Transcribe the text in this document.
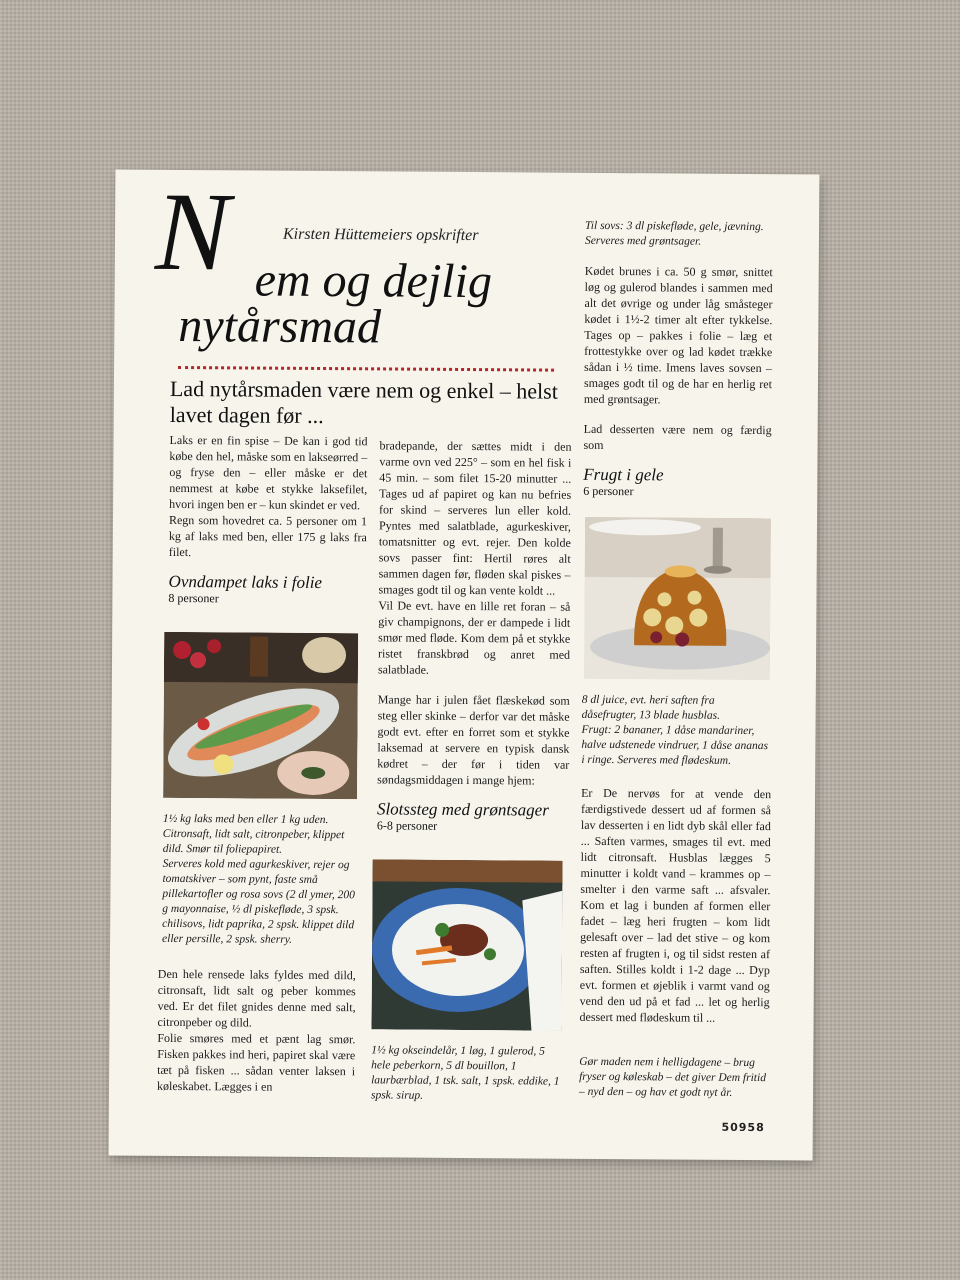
N	Kirsten Hüttemeiers opskrifter
em og dejlig
nytårsmad
Lad nytårsmaden være nem og enkel – helst lavet dagen før ...

Laks er en fin spise – De kan i god tid købe den hel, måske som en lakseørred – og fryse den – eller måske er det nemmest at købe et stykke laksefilet, hvori ingen ben er – kun skindet er ved.
Regn som hovedret ca. 5 personer om 1 kg af laks med ben, eller 175 g laks fra filet.

Ovndampet laks i folie
8 personer

1½ kg laks med ben eller 1 kg uden. Citronsaft, lidt salt, citronpeber, klippet dild. Smør til foliepapiret.
Serveres kold med agurkeskiver, rejer og tomatskiver – som pynt, faste små pillekartofler og rosa sovs (2 dl ymer, 200 g mayonnaise, ½ dl piskefløde, 3 spsk. chilisovs, lidt paprika, 2 spsk. klippet dild eller persille, 2 spsk. sherry.

Den hele rensede laks fyldes med dild, citronsaft, lidt salt og peber kommes ved. Er det filet gnides denne med salt, citronpeber og dild.
Folie smøres med et pænt lag smør. Fisken pakkes ind heri, papiret skal være tæt på fisken ... sådan venter laksen i køleskabet. Lægges i en

bradepande, der sættes midt i den varme ovn ved 225° – som en hel fisk i 45 min. – som filet 15-20 minutter ... Tages ud af papiret og kan nu befries for skind – serveres lun eller kold. Pyntes med salatblade, agurkeskiver, tomatsnitter og evt. rejer. Den kolde sovs passer fint: Hertil røres alt sammen dagen før, fløden skal piskes – smages godt til og kan vente koldt ...
Vil De evt. have en lille ret foran – så giv champignons, der er dampede i lidt smør med fløde. Kom dem på et stykke ristet franskbrød og anret med salatblade.

Mange har i julen fået flæskekød som steg eller skinke – derfor var det måske godt evt. efter en forret som et stykke laksemad at servere en typisk dansk kødret – der før i tiden var søndagsmiddagen i mange hjem:

Slotssteg med grøntsager
6-8 personer

1½ kg okseindelår, 1 løg, 1 gulerod, 5 hele peberkorn, 5 dl bouillon, 1 laurbærblad, 1 tsk. salt, 1 spsk. eddike, 1 spsk. sirup.

Til sovs: 3 dl piskefløde, gele, jævning. Serveres med grøntsager.

Kødet brunes i ca. 50 g smør, snittet løg og gulerod blandes i sammen med alt det øvrige og under låg småsteger kødet i 1½-2 timer alt efter tykkelse. Tages op – pakkes i folie – læg et frottestykke over og lad kødet trække sådan i ½ time. Imens laves sovsen – smages godt til og de har en herlig ret med grøntsager.

Lad desserten være nem og færdig som

Frugt i gele
6 personer

8 dl juice, evt. heri saften fra dåsefrugter, 13 blade husblas.
Frugt: 2 bananer, 1 dåse mandariner, halve udstenede vindruer, 1 dåse ananas i ringe. Serveres med flødeskum.

Er De nervøs for at vende den færdigstivede dessert ud af formen så lav desserten i en lidt dyb skål eller fad ... Saften varmes, smages til evt. med lidt citronsaft. Husblas lægges 5 minutter i koldt vand – krammes op – smelter i den varme saft ... afsvaler. Kom et lag i bunden af formen eller fadet – læg heri frugten – kom lidt gelesaft over – lad det stive – og kom resten af frugten i, og til sidst resten af saften. Stilles koldt i 1-2 dage ... Dyp evt. formen et øjeblik i varmt vand og vend den ud på et fad ... let og herlig dessert med flødeskum til ...

Gør maden nem i helligdagene – brug fryser og køleskab – det giver Dem fritid – nyd den – og hav et godt nyt år.

50958
